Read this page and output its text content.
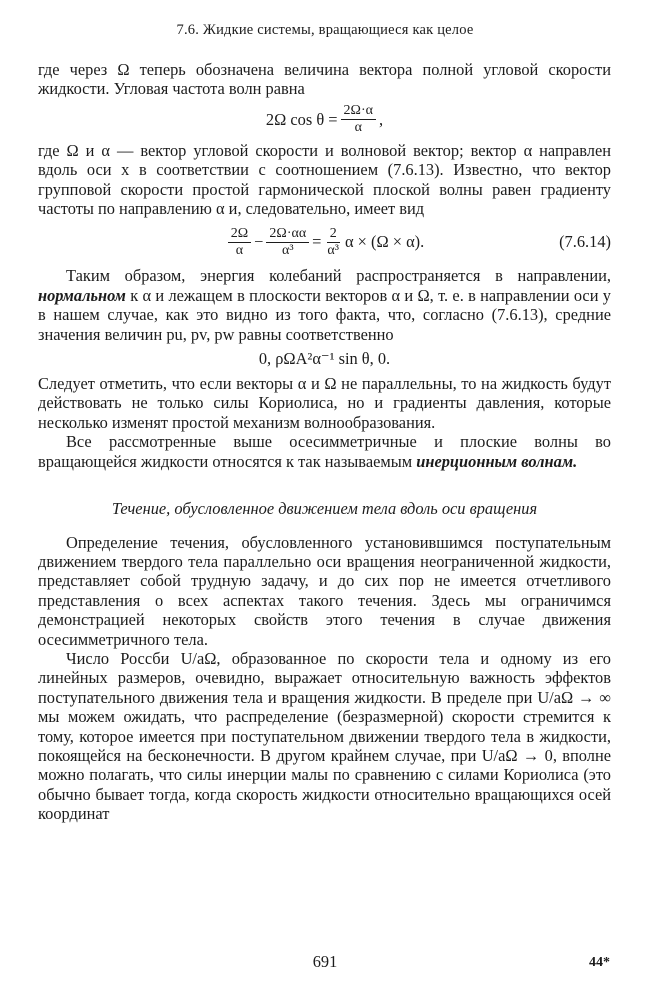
7.6. Жидкие системы, вращающиеся как целое

где через Ω теперь обозначена величина вектора полной угловой скорости жидкости. Угловая частота волн равна

2Ω $\cos \theta = \frac{2\Omega\cdot\alpha}{\alpha}$ ,

где Ω и α — вектор угловой скорости и волновой вектор; вектор α направлен вдоль оси x в соответствии с соотношением (7.6.13). Известно, что вектор групповой скорости простой гармонической плоской волны равен градиенту частоты по направлению α и, следовательно, имеет вид

$\frac{2\Omega}{\alpha} - \frac{2\Omega\cdot\alpha\alpha}{\text{α³}} = \frac{2}{\text{α³}}$ α × (Ω × α).	(7.6.14)

Таким образом, энергия колебаний распространяется в направлении, нормальном к α и лежащем в плоскости векторов α и Ω, т. е. в направлении оси y в нашем случае, как это видно из того факта, что, согласно (7.6.13), средние значения величин pu, pv, pw равны соответственно

0, ρΩA²α⁻¹ sin θ, 0.

Следует отметить, что если векторы α и Ω не параллельны, то на жидкость будут действовать не только силы Кориолиса, но и градиенты давления, которые несколько изменят простой механизм волнообразования.

Все рассмотренные выше осесимметричные и плоские волны во вращающейся жидкости относятся к так называемым инерционным волнам.

Течение, обусловленное движением тела вдоль оси вращения

Определение течения, обусловленного установившимся поступательным движением твердого тела параллельно оси вращения неограниченной жидкости, представляет собой трудную задачу, и до сих пор не имеется отчетливого представления о всех аспектах такого течения. Здесь мы ограничимся демонстрацией некоторых свойств этого течения в случае движения осесимметричного тела.

Число Россби U/aΩ, образованное по скорости тела и одному из его линейных размеров, очевидно, выражает относительную важность эффектов поступательного движения тела и вращения жидкости. В пределе при U/aΩ → ∞ мы можем ожидать, что распределение (безразмерной) скорости стремится к тому, которое имеется при поступательном движении твердого тела в жидкости, покоящейся на бесконечности. В другом крайнем случае, при U/aΩ → 0, вполне можно полагать, что силы инерции малы по сравнению с силами Кориолиса (это обычно бывает тогда, когда скорость жидкости относительно вращающихся осей координат

691	44*
